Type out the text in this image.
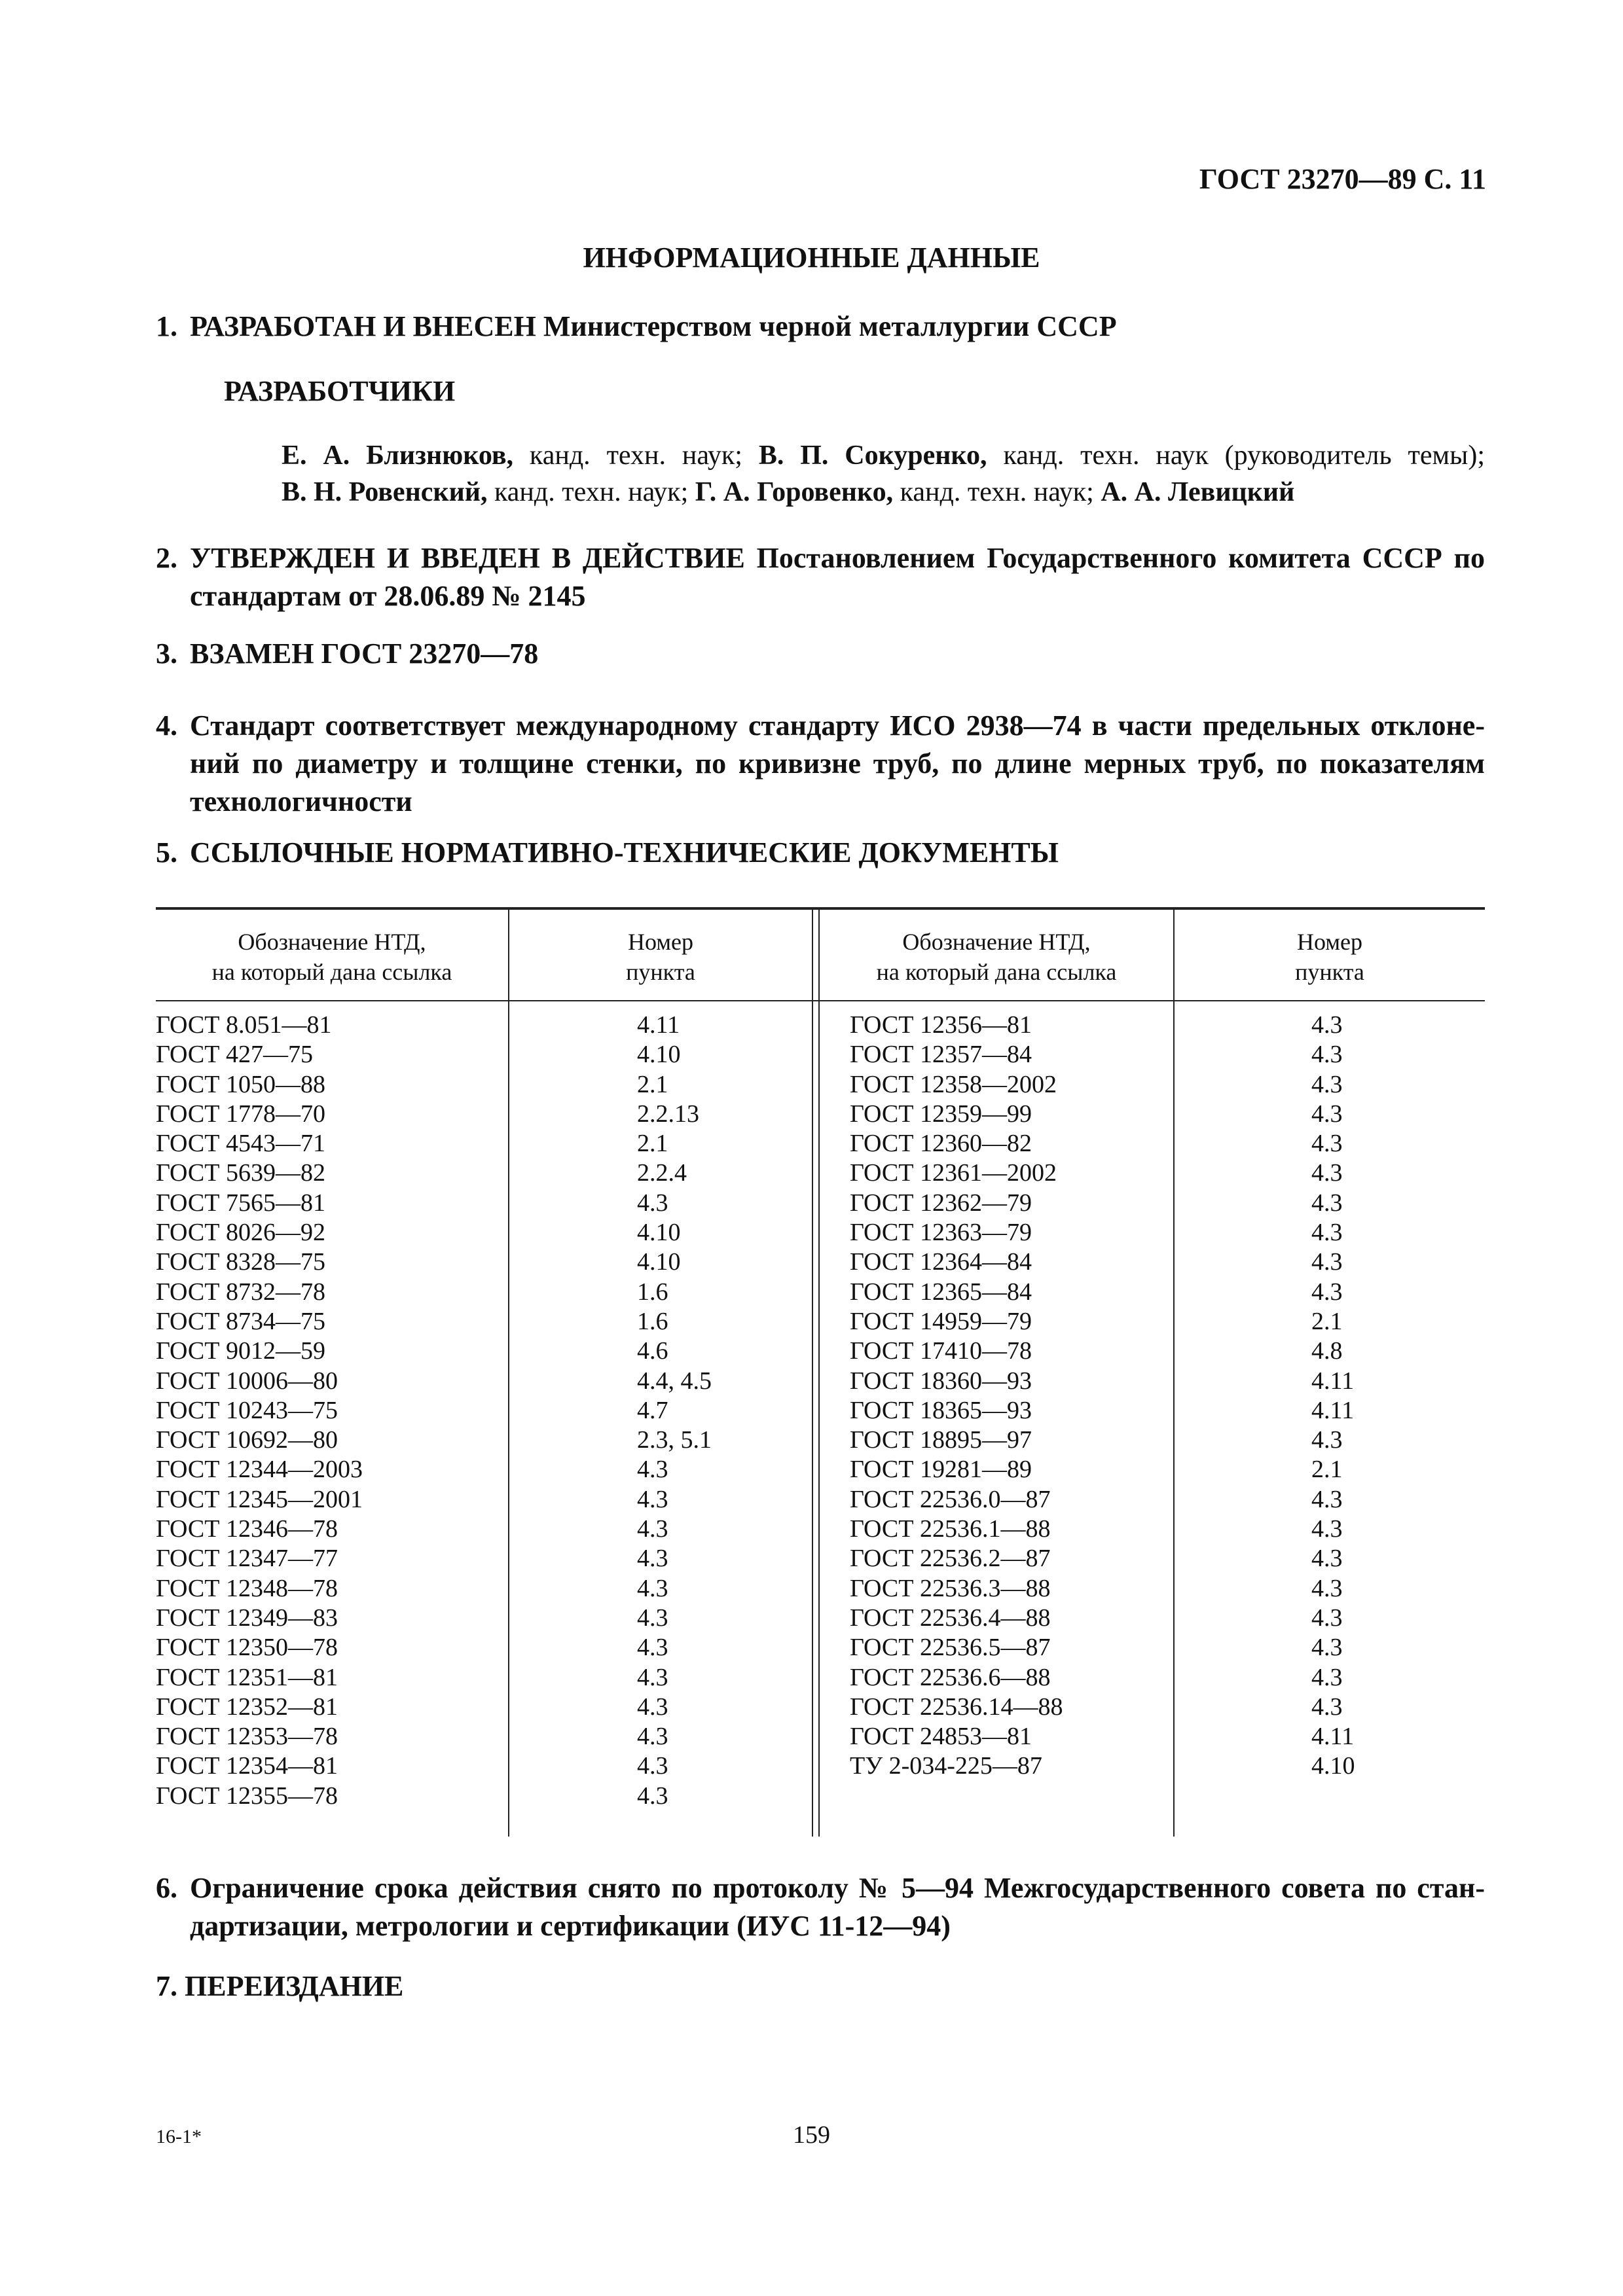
ГОСТ 23270—89 С. 11
ИНФОРМАЦИОННЫЕ ДАННЫЕ
1. РАЗРАБОТАН И ВНЕСЕН Министерством черной металлургии СССР
РАЗРАБОТЧИКИ
Е. А. Близнюков, канд. техн. наук; В. П. Сокуренко, канд. техн. наук (руководитель темы);
В. Н. Ровенский, канд. техн. наук; Г. А. Горовенко, канд. техн. наук; А. А. Левицкий
2. УТВЕРЖДЕН И ВВЕДЕН В ДЕЙСТВИЕ Постановлением Государственного комитета СССР по
стандартам от 28.06.89 № 2145
3. ВЗАМЕН ГОСТ 23270—78
4. Стандарт соответствует международному стандарту ИСО 2938—74 в части предельных отклоне-
ний по диаметру и толщине стенки, по кривизне труб, по длине мерных труб, по показателям
технологичности
5. ССЫЛОЧНЫЕ НОРМАТИВНО-ТЕХНИЧЕСКИЕ ДОКУМЕНТЫ
Обозначение НТД,
на который дана ссылка
Номер
пункта
Обозначение НТД,
на который дана ссылка
Номер
пункта
ГОСТ 8.051—81
ГОСТ 427—75
ГОСТ 1050—88
ГОСТ 1778—70
ГОСТ 4543—71
ГОСТ 5639—82
ГОСТ 7565—81
ГОСТ 8026—92
ГОСТ 8328—75
ГОСТ 8732—78
ГОСТ 8734—75
ГОСТ 9012—59
ГОСТ 10006—80
ГОСТ 10243—75
ГОСТ 10692—80
ГОСТ 12344—2003
ГОСТ 12345—2001
ГОСТ 12346—78
ГОСТ 12347—77
ГОСТ 12348—78
ГОСТ 12349—83
ГОСТ 12350—78
ГОСТ 12351—81
ГОСТ 12352—81
ГОСТ 12353—78
ГОСТ 12354—81
ГОСТ 12355—78
4.11
4.10
2.1
2.2.13
2.1
2.2.4
4.3
4.10
4.10
1.6
1.6
4.6
4.4, 4.5
4.7
2.3, 5.1
4.3
4.3
4.3
4.3
4.3
4.3
4.3
4.3
4.3
4.3
4.3
4.3
ГОСТ 12356—81
ГОСТ 12357—84
ГОСТ 12358—2002
ГОСТ 12359—99
ГОСТ 12360—82
ГОСТ 12361—2002
ГОСТ 12362—79
ГОСТ 12363—79
ГОСТ 12364—84
ГОСТ 12365—84
ГОСТ 14959—79
ГОСТ 17410—78
ГОСТ 18360—93
ГОСТ 18365—93
ГОСТ 18895—97
ГОСТ 19281—89
ГОСТ 22536.0—87
ГОСТ 22536.1—88
ГОСТ 22536.2—87
ГОСТ 22536.3—88
ГОСТ 22536.4—88
ГОСТ 22536.5—87
ГОСТ 22536.6—88
ГОСТ 22536.14—88
ГОСТ 24853—81
ТУ 2-034-225—87
4.3
4.3
4.3
4.3
4.3
4.3
4.3
4.3
4.3
4.3
2.1
4.8
4.11
4.11
4.3
2.1
4.3
4.3
4.3
4.3
4.3
4.3
4.3
4.3
4.11
4.10
6. Ограничение срока действия снято по протоколу № 5—94 Межгосударственного совета по стан-
дартизации, метрологии и сертификации (ИУС 11-12—94)
7. ПЕРЕИЗДАНИЕ
16-1*	159
